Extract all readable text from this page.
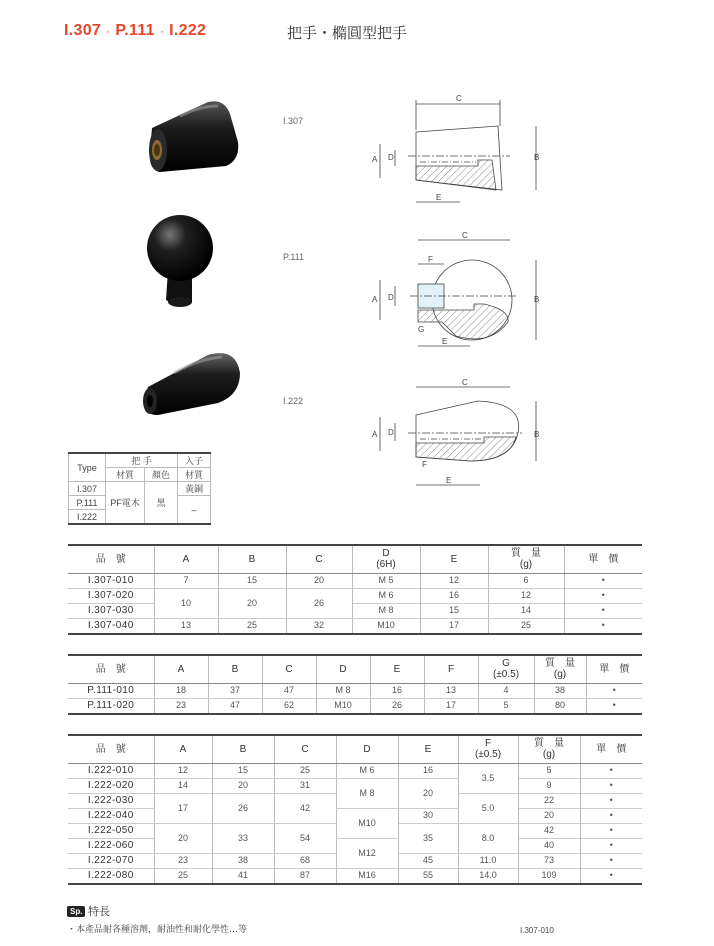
I.307 · P.111 · I.222	把手・橢圓型把手
I.307
P.111
I.222
C
A D	B
E
C
F
A D	B
G
E
C
A D	B
F
E
Type	把 手		入子
	材質	顏色	材質
I.307	PF電木	黑	黃銅
P.111			–
I.222			
品　號	A	B	C	D
(6H)	E	質　量
(g)	單　價
I.307-010	7	15	20	M 5	12	6	•
I.307-020	10	20	26	M 6	16	12	•
I.307-030				M 8	15	14	•
I.307-040	13	25	32	M10	17	25	•
品　號	A	B	C	D	E	F	G
(±0.5)	質　量
(g)	單　價
P.111-010	18	37	47	M 8	16	13	4	38	•
P.111-020	23	47	62	M10	26	17	5	80	•
品　號	A	B	C	D	E	F
(±0.5)	質　量
(g)	單　價
I.222-010	12	15	25	M 6	16	3.5	5	•
I.222-020	14	20	31	M 8	20		9	•
I.222-030	17	26	42			5.0	22	•
I.222-040				M10	30		20	•
I.222-050	20	33	54		35	8.0	42	•
I.222-060				M12			40	•
I.222-070	23	38	68		45	11.0	73	•
I.222-080	25	41	87	M16	55	14.0	109	•
Sp. 特長
・本產品耐各種溶劑，耐油性和耐化學性…等	I.307-010
